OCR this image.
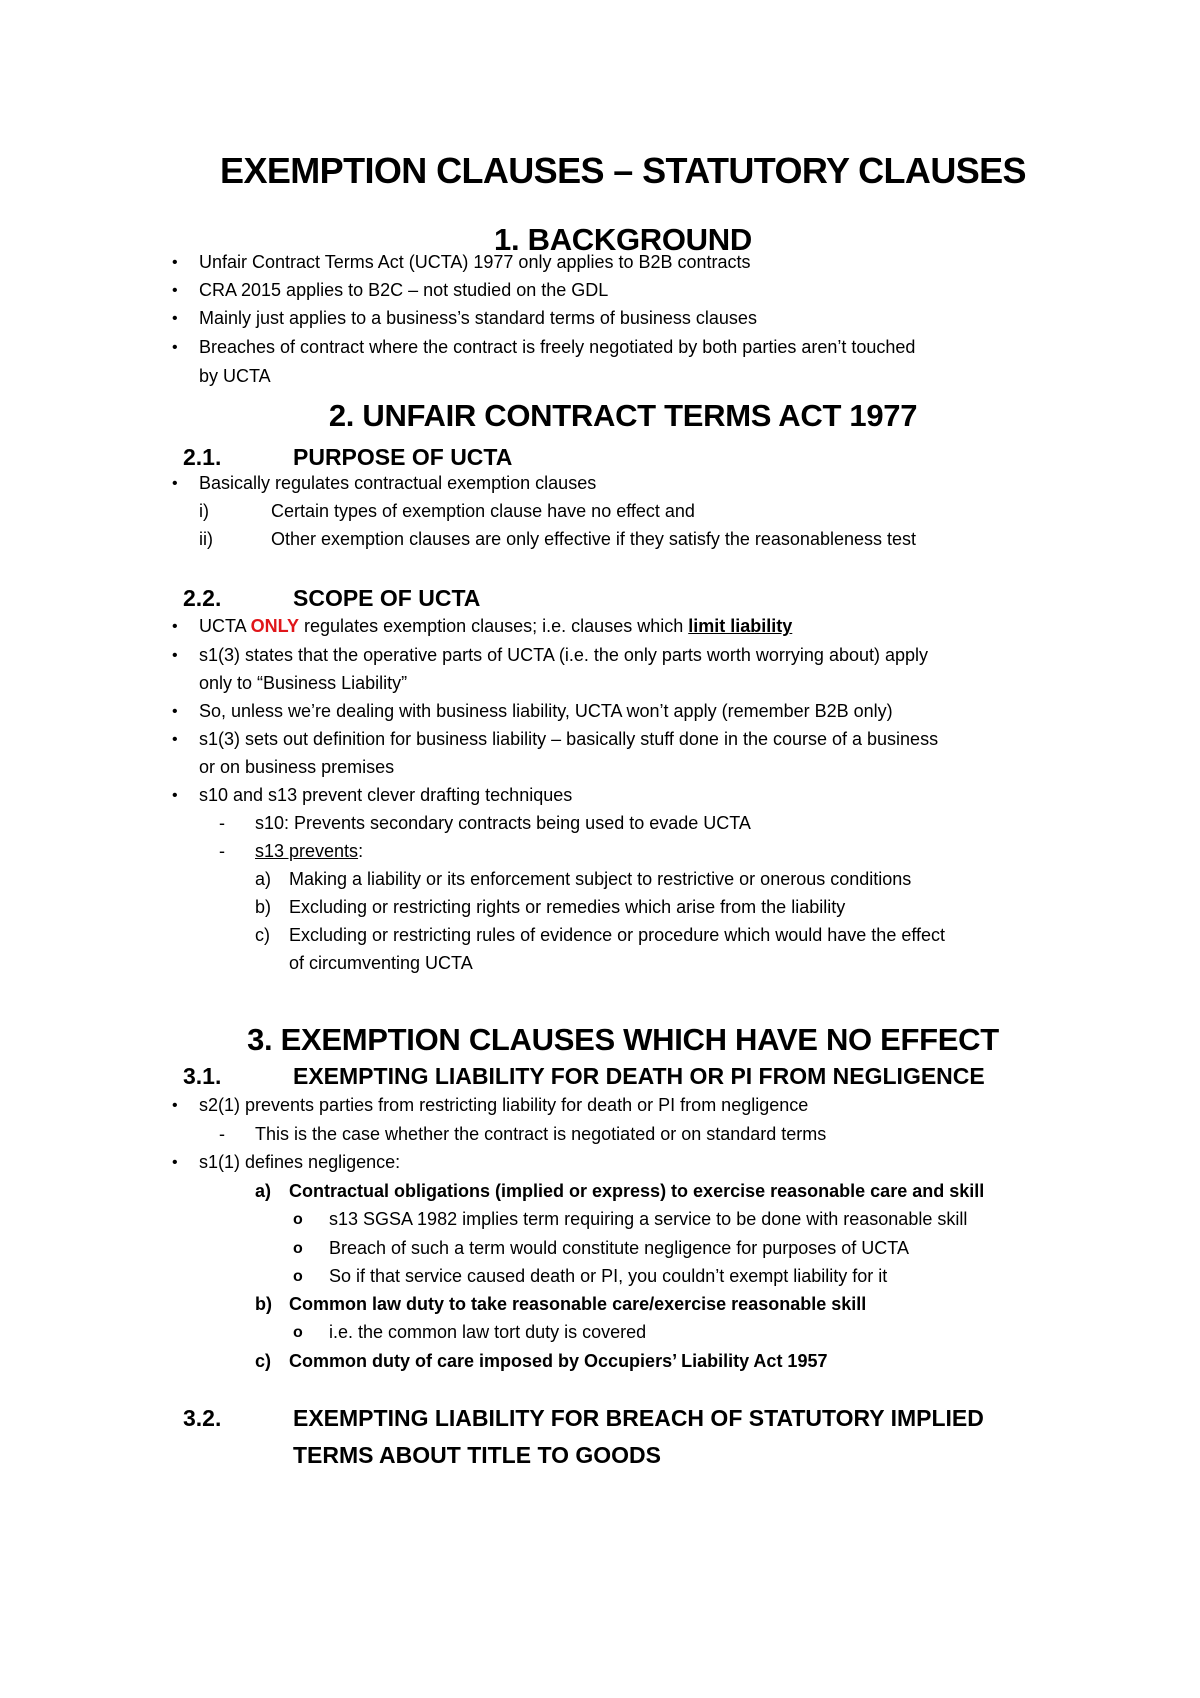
EXEMPTION CLAUSES – STATUTORY CLAUSES
1. BACKGROUND
•	Unfair Contract Terms Act (UCTA) 1977 only applies to B2B contracts
•	CRA 2015 applies to B2C – not studied on the GDL
•	Mainly just applies to a business’s standard terms of business clauses
•	Breaches of contract where the contract is freely negotiated by both parties aren’t touched
by UCTA
2. UNFAIR CONTRACT TERMS ACT 1977
2.1.	PURPOSE OF UCTA
•	Basically regulates contractual exemption clauses
i)	Certain types of exemption clause have no effect and
ii)	Other exemption clauses are only effective if they satisfy the reasonableness test
2.2.	SCOPE OF UCTA
•	UCTA ONLY regulates exemption clauses; i.e. clauses which limit liability
•	s1(3) states that the operative parts of UCTA (i.e. the only parts worth worrying about) apply
only to “Business Liability”
•	So, unless we’re dealing with business liability, UCTA won’t apply (remember B2B only)
•	s1(3) sets out definition for business liability – basically stuff done in the course of a business
or on business premises
•	s10 and s13 prevent clever drafting techniques
- s10: Prevents secondary contracts being used to evade UCTA
- s13 prevents:
a) Making a liability or its enforcement subject to restrictive or onerous conditions
b) Excluding or restricting rights or remedies which arise from the liability
c) Excluding or restricting rules of evidence or procedure which would have the effect
of circumventing UCTA
3. EXEMPTION CLAUSES WHICH HAVE NO EFFECT
3.1.	EXEMPTING LIABILITY FOR DEATH OR PI FROM NEGLIGENCE
•	s2(1) prevents parties from restricting liability for death or PI from negligence
- This is the case whether the contract is negotiated or on standard terms
•	s1(1) defines negligence:
a) Contractual obligations (implied or express) to exercise reasonable care and skill
o s13 SGSA 1982 implies term requiring a service to be done with reasonable skill
o Breach of such a term would constitute negligence for purposes of UCTA
o So if that service caused death or PI, you couldn’t exempt liability for it
b) Common law duty to take reasonable care/exercise reasonable skill
o i.e. the common law tort duty is covered
c) Common duty of care imposed by Occupiers’ Liability Act 1957
3.2.	EXEMPTING LIABILITY FOR BREACH OF STATUTORY IMPLIED
TERMS ABOUT TITLE TO GOODS
